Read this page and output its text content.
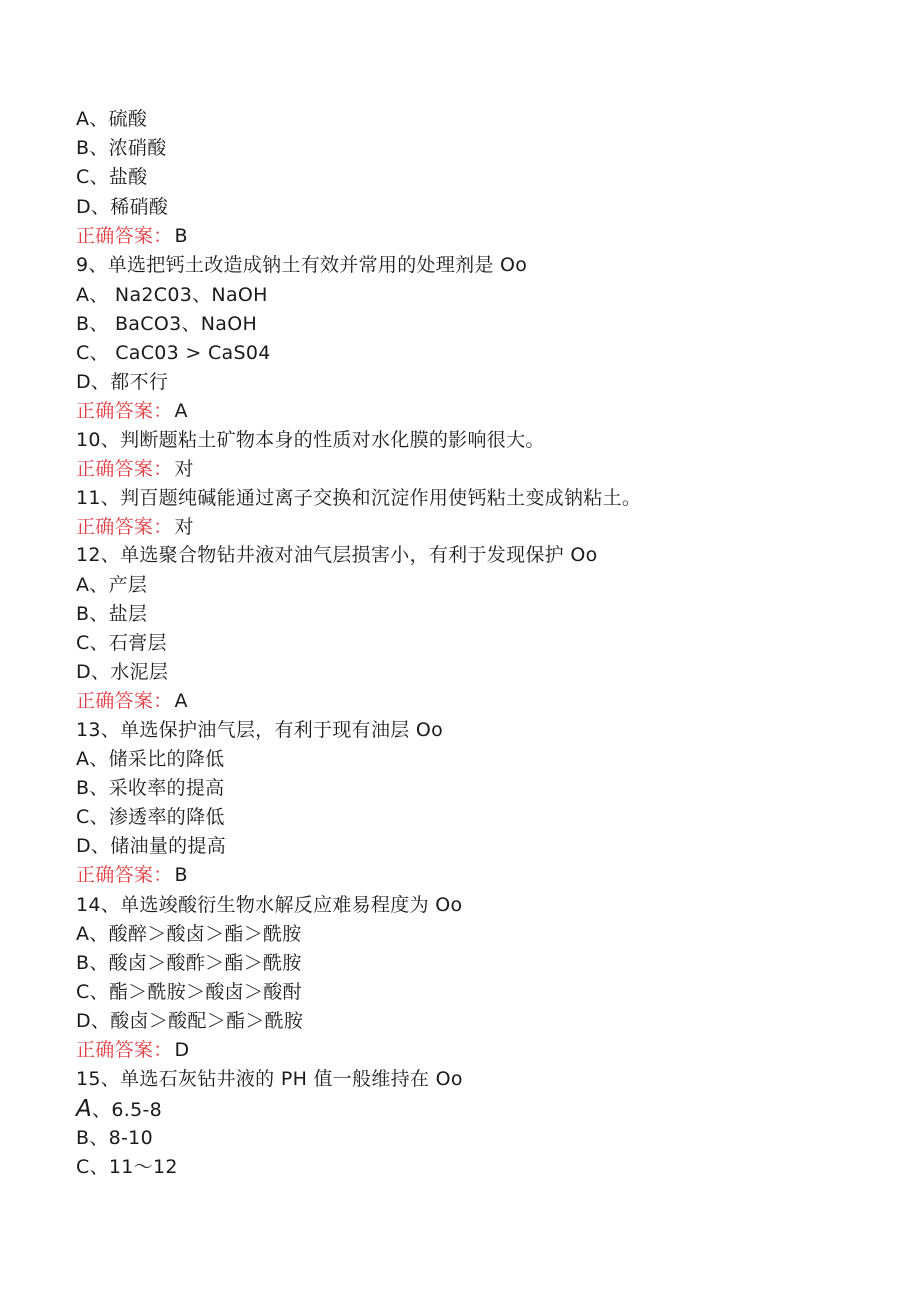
A、硫酸
B、浓硝酸
C、盐酸
D、稀硝酸
正确答案： B
9、单选把钙土改造成钠土有效并常用的处理剂是 Oo
A、 Na2C03、NaOH
B、 BaCO3、NaOH
C、 CaC03 > CaS04
D、都不行
正确答案： A
10、判断题粘土矿物本身的性质对水化膜的影响很大。
正确答案： 对
11、判百题纯碱能通过离子交换和沉淀作用使钙粘土变成钠粘土。
正确答案： 对
12、单选聚合物钻井液对油气层损害小，有利于发现保护 Oo
A、产层
B、盐层
C、石膏层
D、水泥层
正确答案： A
13、单选保护油气层，有利于现有油层 Oo
A、储采比的降低
B、采收率的提高
C、渗透率的降低
D、储油量的提高
正确答案： B
14、单选竣酸衍生物水解反应难易程度为 Oo
A、酸醉＞酸卤＞酯＞酰胺
B、酸卤＞酸酢＞酯＞酰胺
C、酯＞酰胺＞酸卤＞酸酎
D、酸卤＞酸配＞酯＞酰胺
正确答案： D
15、单选石灰钻井液的 PH 值一般维持在 Oo
A、6.5-8
B、8-10
C、11〜12
